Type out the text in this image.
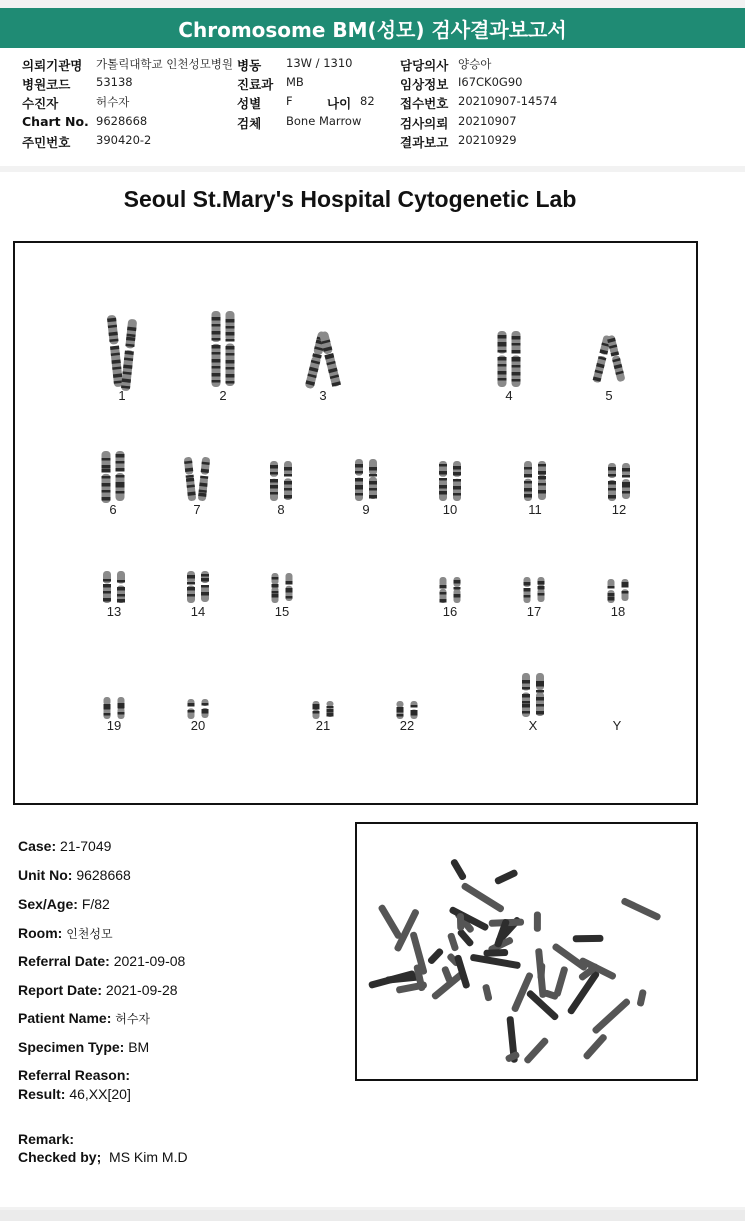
Chromosome BM(성모) 검사결과보고서
의뢰기관명 가톨릭대학교 인천성모병원
병원코드 53138
수진자	허수자
Chart No. 9628668
주민번호 390420-2
병동 13W / 1310
진료과 MB
성별 F	나이 82
검체 Bone Marrow
담당의사 양승아
임상정보 I67CK0G90
접수번호 20210907-14574
검사의뢰 20210907
결과보고 20210929
Seoul St.Mary's Hospital Cytogenetic Lab
1	2	3	4	5
6	7	8	9	10	11	12
13	14	15	16	17	18
19	20	21	22	X	Y
Case: 21-7049
Unit No: 9628668
Sex/Age: F/82
Room: 인천성모
Referral Date: 2021-09-08
Report Date: 2021-09-28
Patient Name: 허수자
Specimen Type: BM
Referral Reason:
Result: 46,XX[20]
Remark:
Checked by; MS Kim M.D
